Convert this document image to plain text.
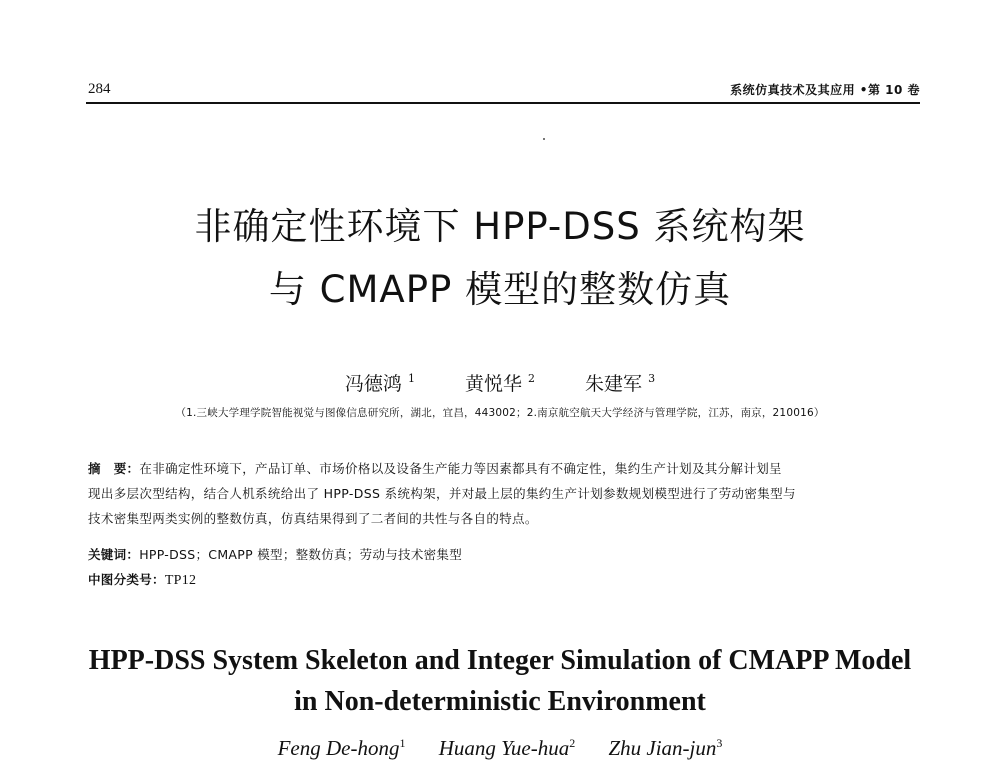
284	系统仿真技术及其应用 •第 10 卷
非确定性环境下 HPP-DSS 系统构架
与 CMAPP 模型的整数仿真
冯德鸿 $^1$	黄悦华 $^2$	朱建军 $^3$
（1.三峡大学理学院智能视觉与图像信息研究所，湖北，宜昌，443002；2.南京航空航天大学经济与管理学院，江苏，南京，210016）
摘　要：在非确定性环境下，产品订单、市场价格以及设备生产能力等因素都具有不确定性，集约生产计划及其分解计划呈
现出多层次型结构，结合人机系统给出了 HPP-DSS 系统构架，并对最上层的集约生产计划参数规划模型进行了劳动密集型与
技术密集型两类实例的整数仿真，仿真结果得到了二者间的共性与各自的特点。
关键词：HPP-DSS；CMAPP 模型；整数仿真；劳动与技术密集型
中图分类号：TP12
HPP-DSS System Skeleton and Integer Simulation of CMAPP Model
in Non-deterministic Environment
Feng De-hong$^1$ Huang Yue-hua$^2$ Zhu Jian-jun$^3$
